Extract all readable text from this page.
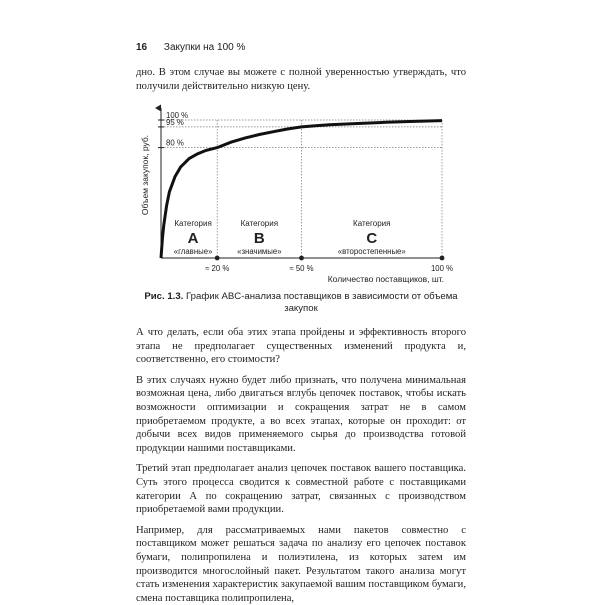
16 Закупки на 100 %

дно. В этом случае вы можете с полной уверенностью утверждать, что получили действительно низкую цену.

100 %
95 %
80 %
≈ 20 %	≈ 50 %	100 %
Категория
A
«главные»
Категория
B
«значимые»
Категория
C
«второстепенные»
Объем закупок, руб.
Количество поставщиков, шт.
Рис. 1.3. График ABC-анализа поставщиков в зависимости от объема закупок

А что делать, если оба этих этапа пройдены и эффективность второго этапа не предполагает существенных изменений продукта и, соответственно, его стоимости?

В этих случаях нужно будет либо признать, что получена минимальная возможная цена, либо двигаться вглубь цепочек поставок, чтобы искать возможности оптимизации и сокращения затрат не в самом приобретаемом продукте, а во всех этапах, которые он проходит: от добычи всех видов применяемого сырья до производства готовой продукции нашими поставщиками.

Третий этап предполагает анализ цепочек поставок вашего поставщика. Суть этого процесса сводится к совместной работе с поставщиками категории А по сокращению затрат, связанных с производством приобретаемой вами продукции.

Например, для рассматриваемых нами пакетов совместно с поставщиком может решаться задача по анализу его цепочек поставок бумаги, полипропилена и полиэтилена, из которых затем им производится многослойный пакет. Результатом такого анализа могут стать изменения характеристик закупаемой вашим поставщиком бумаги, смена поставщика полипропилена,
